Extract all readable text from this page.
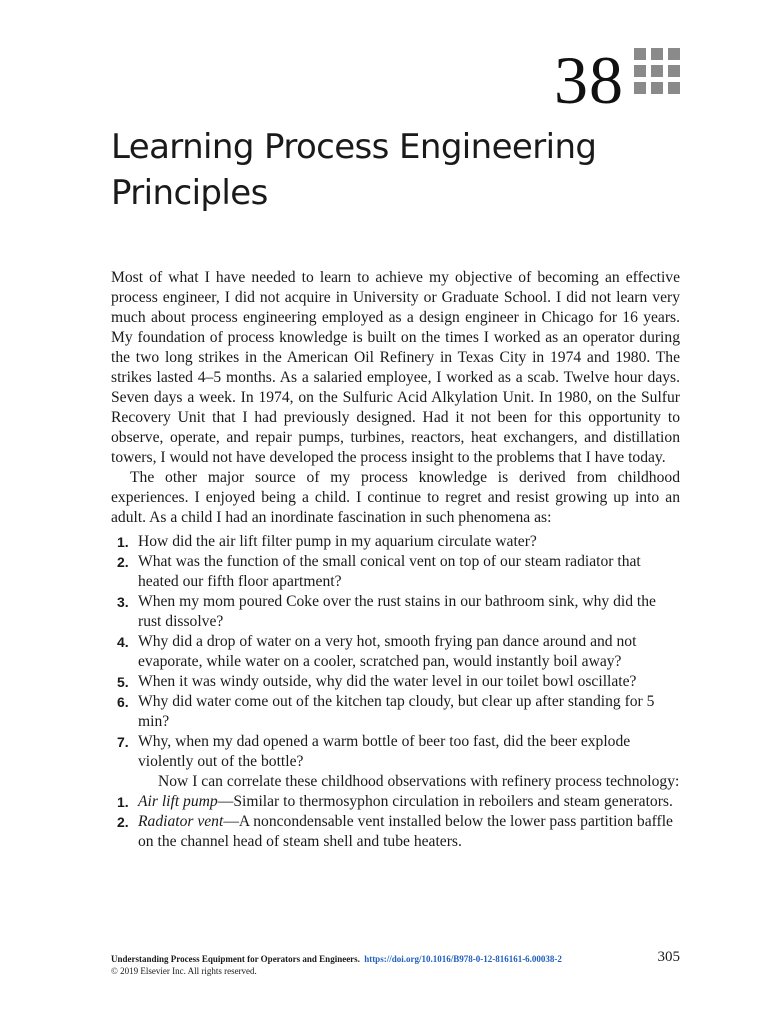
38
Learning Process Engineering
Principles

Most of what I have needed to learn to achieve my objective of becoming an effective process engineer, I did not acquire in University or Graduate School. I did not learn very much about process engineering employed as a design engineer in Chicago for 16 years. My foundation of process knowledge is built on the times I worked as an operator during the two long strikes in the American Oil Refinery in Texas City in 1974 and 1980. The strikes lasted 4–5 months. As a salaried employee, I worked as a scab. Twelve hour days. Seven days a week. In 1974, on the Sulfuric Acid Alkylation Unit. In 1980, on the Sulfur Recovery Unit that I had previously designed. Had it not been for this opportunity to observe, operate, and repair pumps, turbines, reactors, heat exchangers, and distillation towers, I would not have developed the process insight to the problems that I have today.

The other major source of my process knowledge is derived from childhood experiences. I enjoyed being a child. I continue to regret and resist growing up into an adult. As a child I had an inordinate fascination in such phenomena as:

1. How did the air lift filter pump in my aquarium circulate water?
2. What was the function of the small conical vent on top of our steam radiator that heated our fifth floor apartment?
3. When my mom poured Coke over the rust stains in our bathroom sink, why did the rust dissolve?
4. Why did a drop of water on a very hot, smooth frying pan dance around and not evaporate, while water on a cooler, scratched pan, would instantly boil away?
5. When it was windy outside, why did the water level in our toilet bowl oscillate?
6. Why did water come out of the kitchen tap cloudy, but clear up after standing for 5 min?
7. Why, when my dad opened a warm bottle of beer too fast, did the beer explode violently out of the bottle?

Now I can correlate these childhood observations with refinery process technology:

1. Air lift pump—Similar to thermosyphon circulation in reboilers and steam generators.
2. Radiator vent—A noncondensable vent installed below the lower pass partition baffle on the channel head of steam shell and tube heaters.
Understanding Process Equipment for Operators and Engineers. https://doi.org/10.1016/B978-0-12-816161-6.00038-2
© 2019 Elsevier Inc. All rights reserved.
305
